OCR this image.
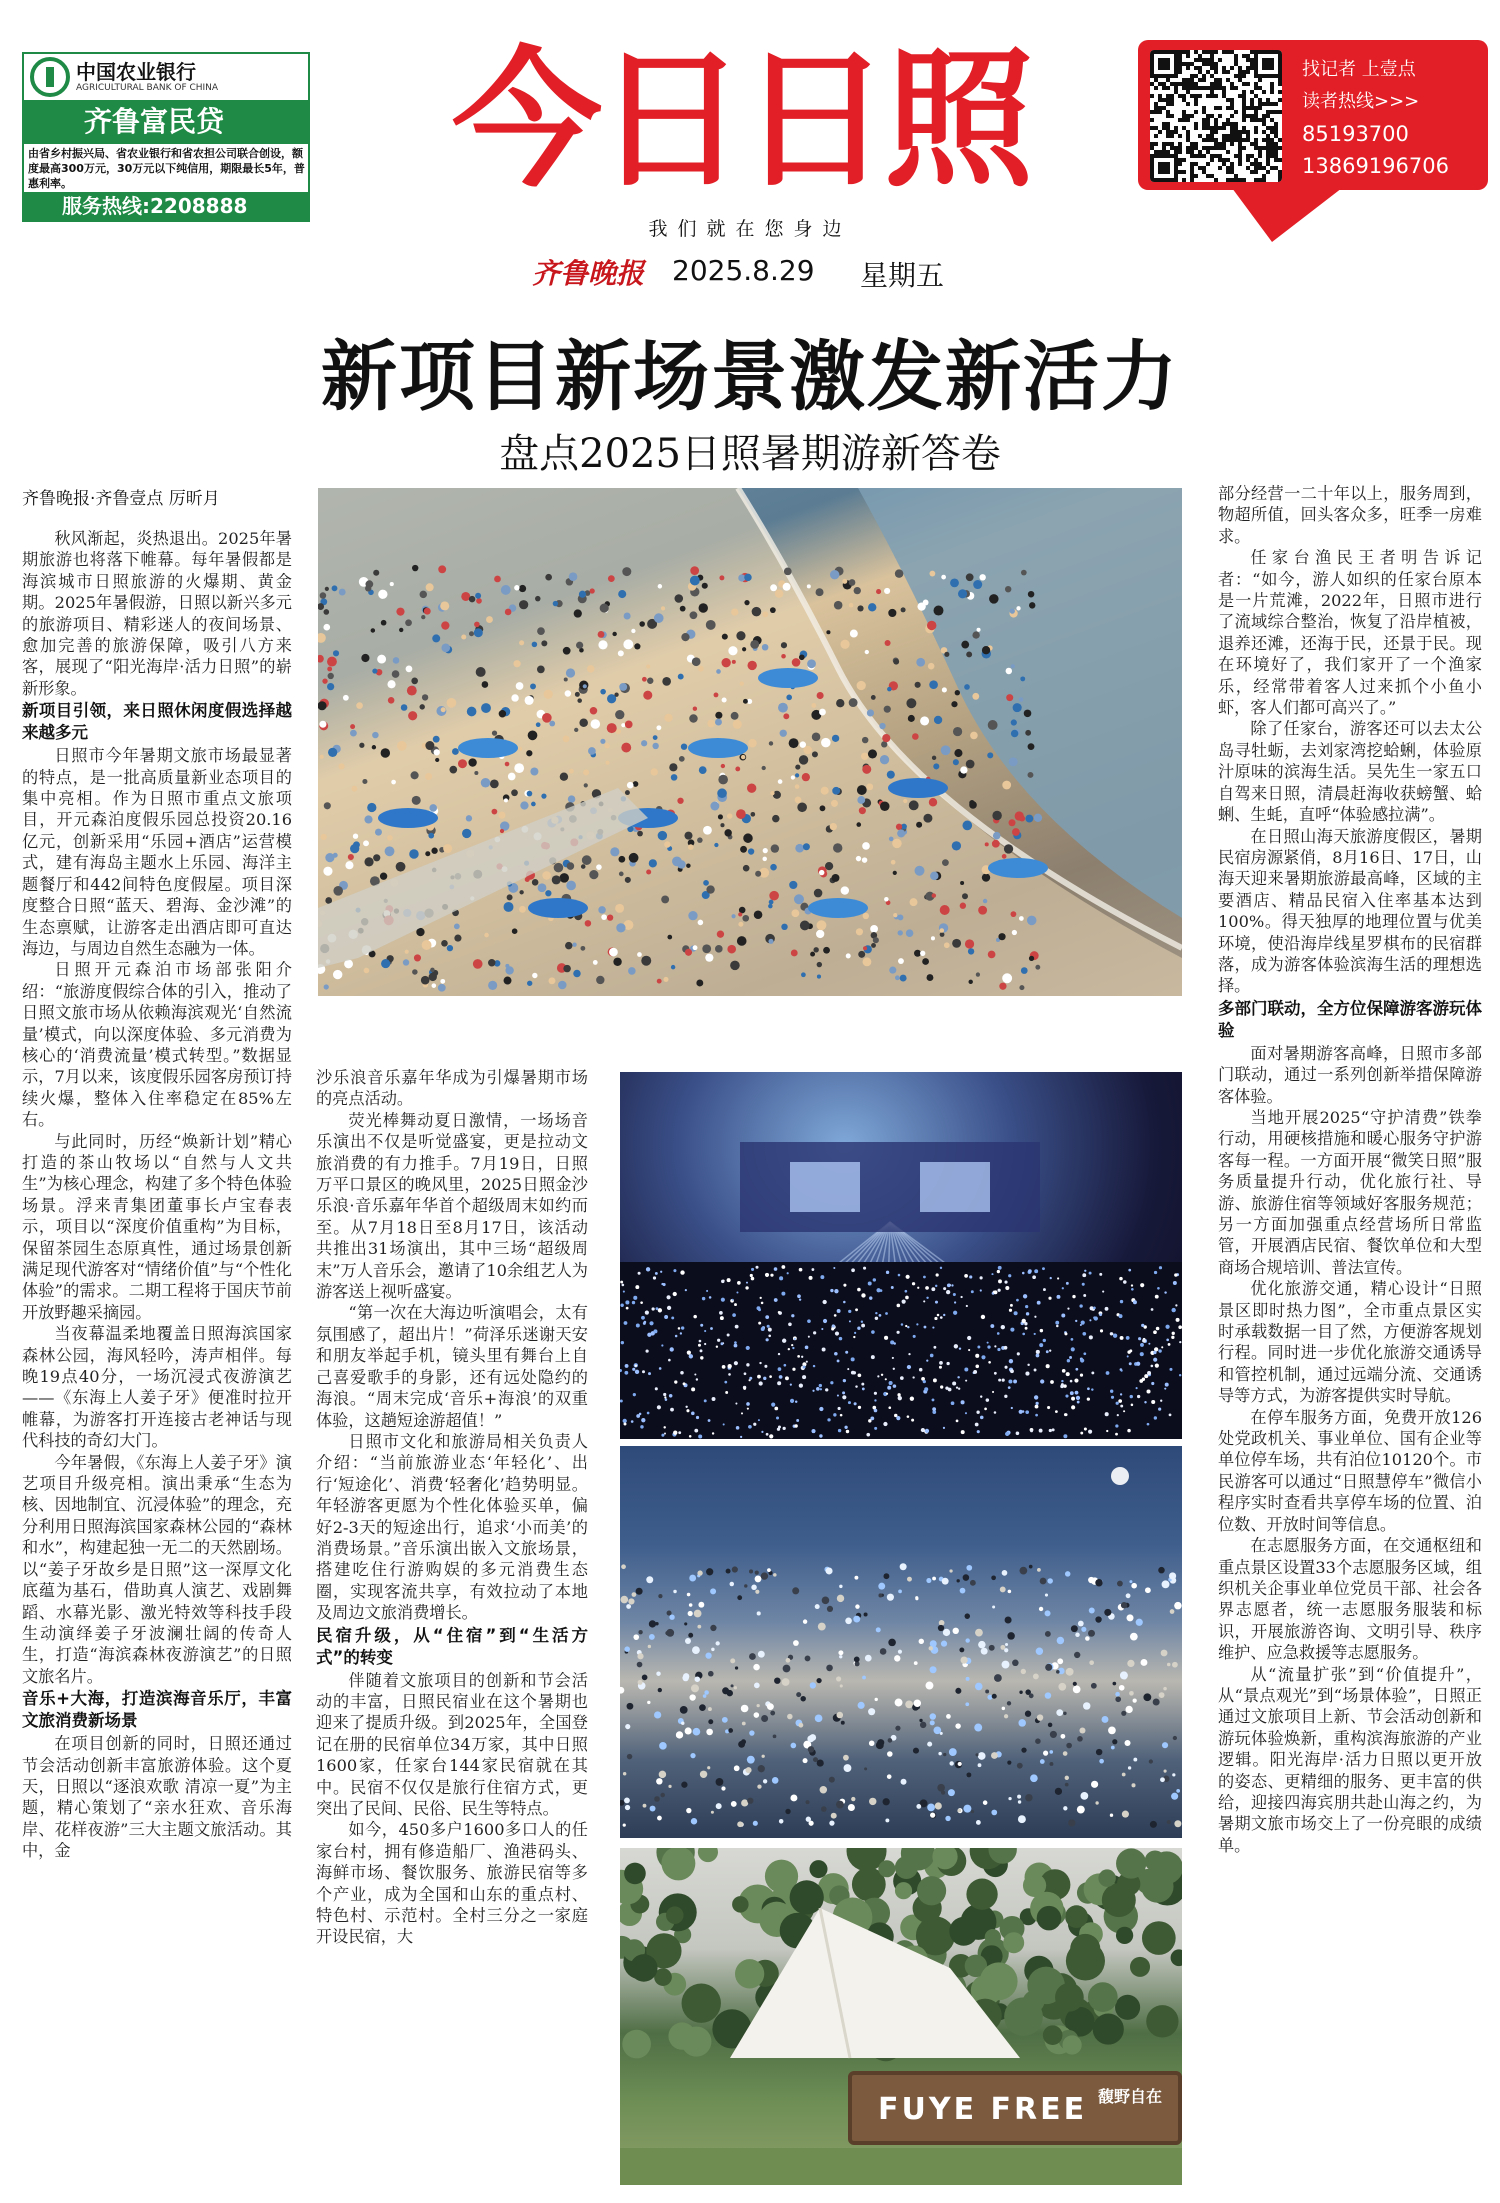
中国农业银行
AGRICULTURAL BANK OF CHINA
齐鲁富民贷
由省乡村振兴局、省农业银行和省农担公司联合创设，额度最高300万元，30万元以下纯信用，期限最长5年，普惠利率。
服务热线:2208888	今日日照
我们就在您身边
齐鲁晚报 2025.8.29 星期五
找记者 上壹点
读者热线>>>
85193700
13869196706
新项目新场景激发新活力
盘点2025日照暑期游新答卷
齐鲁晚报·齐鲁壹点 厉昕月

秋风渐起，炎热退出。2025年暑期旅游也将落下帷幕。每年暑假都是海滨城市日照旅游的火爆期、黄金期。2025年暑假游，日照以新兴多元的旅游项目、精彩迷人的夜间场景、愈加完善的旅游保障，吸引八方来客，展现了“阳光海岸·活力日照”的崭新形象。

新项目引领，来日照休闲度假选择越来越多元

日照市今年暑期文旅市场最显著的特点，是一批高质量新业态项目的集中亮相。作为日照市重点文旅项目，开元森泊度假乐园总投资20.16亿元，创新采用“乐园+酒店”运营模式，建有海岛主题水上乐园、海洋主题餐厅和442间特色度假屋。项目深度整合日照“蓝天、碧海、金沙滩”的生态禀赋，让游客走出酒店即可直达海边，与周边自然生态融为一体。

日照开元森泊市场部张阳介绍：“旅游度假综合体的引入，推动了日照文旅市场从依赖海滨观光‘自然流量’模式，向以深度体验、多元消费为核心的‘消费流量’模式转型。”数据显示，7月以来，该度假乐园客房预订持续火爆，整体入住率稳定在85%左右。

与此同时，历经“焕新计划”精心打造的茶山牧场以“自然与人文共生”为核心理念，构建了多个特色体验场景。浮来青集团董事长卢宝春表示，项目以“深度价值重构”为目标，保留茶园生态原真性，通过场景创新满足现代游客对“情绪价值”与“个性化体验”的需求。二期工程将于国庆节前开放野趣采摘园。

当夜幕温柔地覆盖日照海滨国家森林公园，海风轻吟，涛声相伴。每晚19点40分，一场沉浸式夜游演艺——《东海上人姜子牙》便准时拉开帷幕，为游客打开连接古老神话与现代科技的奇幻大门。

今年暑假，《东海上人姜子牙》演艺项目升级亮相。演出秉承“生态为核、因地制宜、沉浸体验”的理念，充分利用日照海滨国家森林公园的“森林和水”，构建起独一无二的天然剧场。以“姜子牙故乡是日照”这一深厚文化底蕴为基石，借助真人演艺、戏剧舞蹈、水幕光影、激光特效等科技手段生动演绎姜子牙波澜壮阔的传奇人生，打造“海滨森林夜游演艺”的日照文旅名片。

音乐+大海，打造滨海音乐厅，丰富文旅消费新场景

在项目创新的同时，日照还通过节会活动创新丰富旅游体验。这个夏天，日照以“逐浪欢歌 清凉一夏”为主题，精心策划了“亲水狂欢、音乐海岸、花样夜游”三大主题文旅活动。其中，金

沙乐浪音乐嘉年华成为引爆暑期市场的亮点活动。

荧光棒舞动夏日激情，一场场音乐演出不仅是听觉盛宴，更是拉动文旅消费的有力推手。7月19日，日照万平口景区的晚风里，2025日照金沙乐浪·音乐嘉年华首个超级周末如约而至。从7月18日至8月17日，该活动共推出31场演出，其中三场“超级周末”万人音乐会，邀请了10余组艺人为游客送上视听盛宴。

“第一次在大海边听演唱会，太有氛围感了，超出片！”荷泽乐迷谢天安和朋友举起手机，镜头里有舞台上自己喜爱歌手的身影，还有远处隐约的海浪。“周末完成‘音乐+海浪’的双重体验，这趟短途游超值！”

日照市文化和旅游局相关负责人介绍：“当前旅游业态‘年轻化’、出行‘短途化’、消费‘轻奢化’趋势明显。年轻游客更愿为个性化体验买单，偏好2-3天的短途出行，追求‘小而美’的消费场景。”音乐演出嵌入文旅场景，搭建吃住行游购娱的多元消费生态圈，实现客流共享，有效拉动了本地及周边文旅消费增长。

民宿升级，从“住宿”到“生活方式”的转变

伴随着文旅项目的创新和节会活动的丰富，日照民宿业在这个暑期也迎来了提质升级。到2025年，全国登记在册的民宿单位34万家，其中日照1600家，任家台144家民宿就在其中。民宿不仅仅是旅行住宿方式，更突出了民间、民俗、民生等特点。

如今，450多户1600多口人的任家台村，拥有修造船厂、渔港码头、海鲜市场、餐饮服务、旅游民宿等多个产业，成为全国和山东的重点村、特色村、示范村。全村三分之一家庭开设民宿，大

部分经营一二十年以上，服务周到，物超所值，回头客众多，旺季一房难求。

任家台渔民王者明告诉记者：“如今，游人如织的任家台原本是一片荒滩，2022年，日照市进行了流域综合整治，恢复了沿岸植被，退养还滩，还海于民，还景于民。现在环境好了，我们家开了一个渔家乐，经常带着客人过来抓个小鱼小虾，客人们都可高兴了。”

除了任家台，游客还可以去太公岛寻牡蛎，去刘家湾挖蛤蜊，体验原汁原味的滨海生活。吴先生一家五口自驾来日照，清晨赶海收获螃蟹、蛤蜊、生蚝，直呼“体验感拉满”。

在日照山海天旅游度假区，暑期民宿房源紧俏，8月16日、17日，山海天迎来暑期旅游最高峰，区域的主要酒店、精品民宿入住率基本达到100%。得天独厚的地理位置与优美环境，使沿海岸线星罗棋布的民宿群落，成为游客体验滨海生活的理想选择。

多部门联动，全方位保障游客游玩体验

面对暑期游客高峰，日照市多部门联动，通过一系列创新举措保障游客体验。

当地开展2025“守护清费”铁拳行动，用硬核措施和暖心服务守护游客每一程。一方面开展“微笑日照”服务质量提升行动，优化旅行社、导游、旅游住宿等领域好客服务规范；另一方面加强重点经营场所日常监管，开展酒店民宿、餐饮单位和大型商场合规培训、普法宣传。

优化旅游交通，精心设计“日照景区即时热力图”，全市重点景区实时承载数据一目了然，方便游客规划行程。同时进一步优化旅游交通诱导和管控机制，通过远端分流、交通诱导等方式，为游客提供实时导航。

在停车服务方面，免费开放126处党政机关、事业单位、国有企业等单位停车场，共有泊位10120个。市民游客可以通过“日照慧停车”微信小程序实时查看共享停车场的位置、泊位数、开放时间等信息。

在志愿服务方面，在交通枢纽和重点景区设置33个志愿服务区域，组织机关企事业单位党员干部、社会各界志愿者，统一志愿服务服装和标识，开展旅游咨询、文明引导、秩序维护、应急救援等志愿服务。

从“流量扩张”到“价值提升”，从“景点观光”到“场景体验”，日照正通过文旅项目上新、节会活动创新和游玩体验焕新，重构滨海旅游的产业逻辑。阳光海岸·活力日照以更开放的姿态、更精细的服务、更丰富的供给，迎接四海宾朋共赴山海之约，为暑期文旅市场交上了一份亮眼的成绩单。

FUYE FREE 馥野自在
